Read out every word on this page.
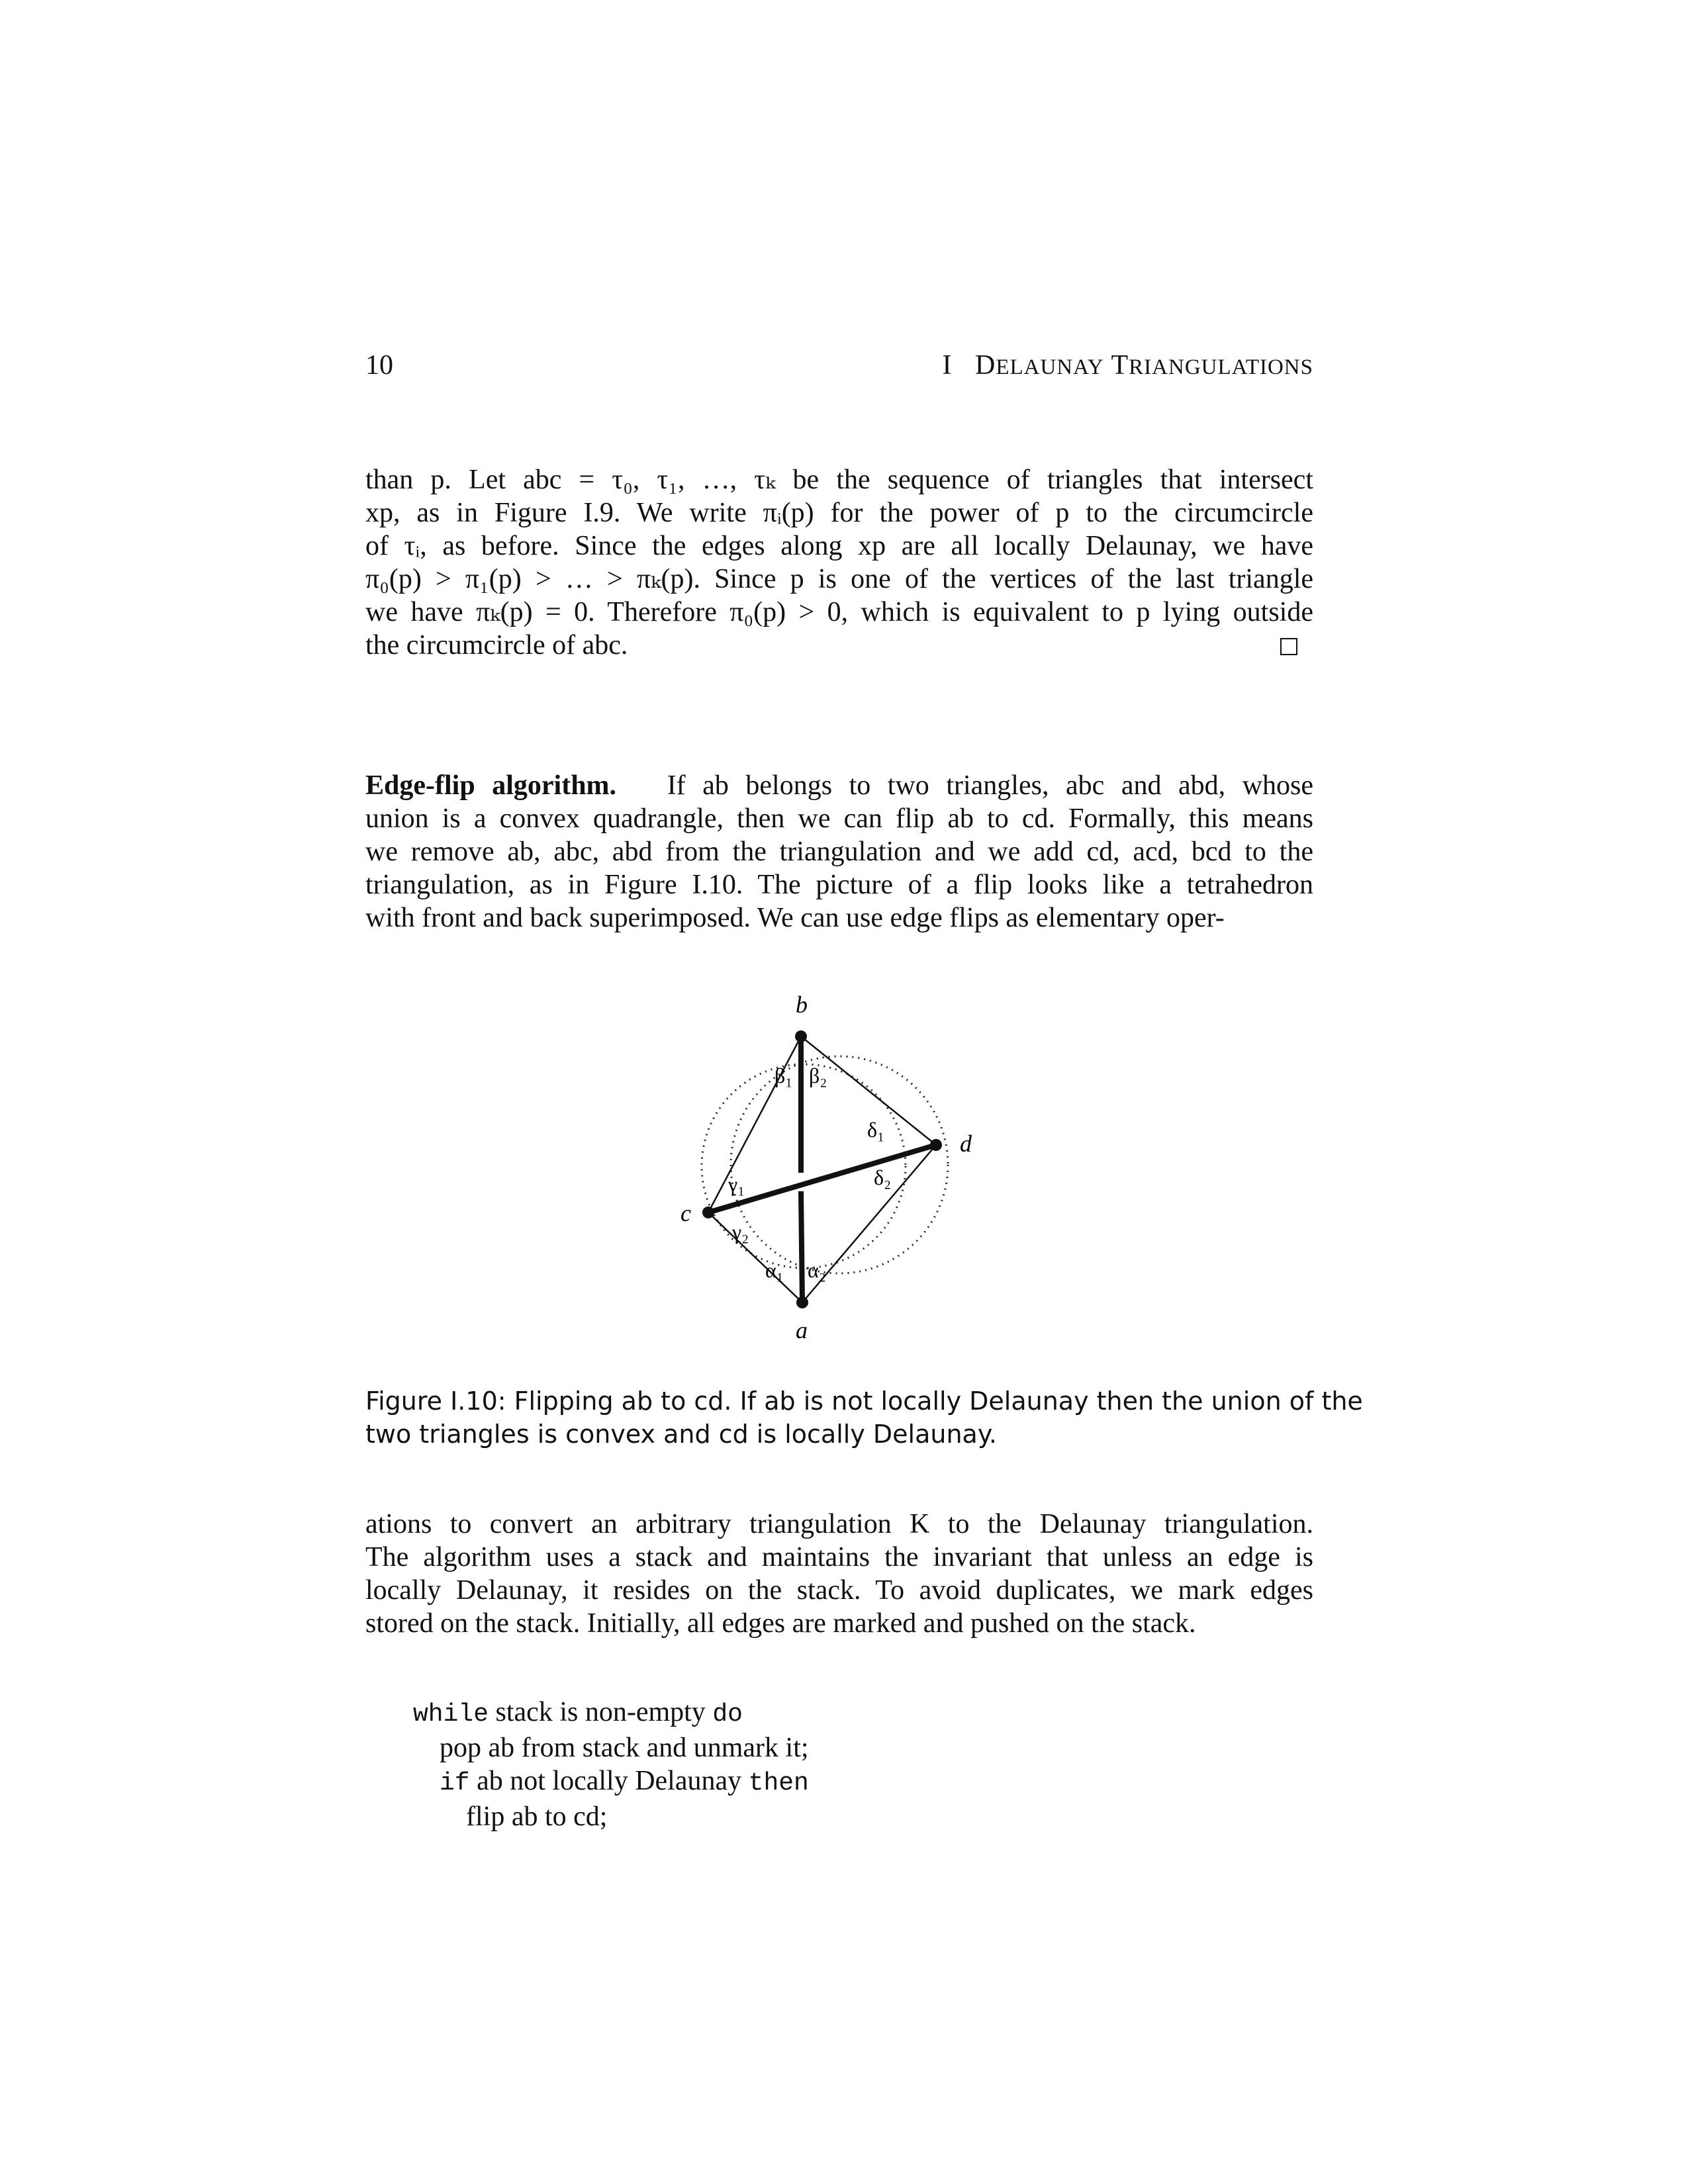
10	I DELAUNAY TRIANGULATIONS
than p. Let abc = τ₀, τ₁, …, τₖ be the sequence of triangles that intersect
xp, as in Figure I.9. We write πᵢ(p) for the power of p to the circumcircle
of τᵢ, as before. Since the edges along xp are all locally Delaunay, we have
π₀(p) > π₁(p) > … > πₖ(p). Since p is one of the vertices of the last triangle
we have πₖ(p) = 0. Therefore π₀(p) > 0, which is equivalent to p lying outside
the circumcircle of abc.
Edge-flip algorithm. If ab belongs to two triangles, abc and abd, whose
union is a convex quadrangle, then we can flip ab to cd. Formally, this means
we remove ab, abc, abd from the triangulation and we add cd, acd, bcd to the
triangulation, as in Figure I.10. The picture of a flip looks like a tetrahedron
with front and back superimposed. We can use edge flips as elementary oper-
b
c
d
a
β₁ β₂
δ₁
δ₂
γ₁
γ₂
α₁ α₂
Figure I.10: Flipping ab to cd. If ab is not locally Delaunay then the union of the
two triangles is convex and cd is locally Delaunay.
ations to convert an arbitrary triangulation K to the Delaunay triangulation.
The algorithm uses a stack and maintains the invariant that unless an edge is
locally Delaunay, it resides on the stack. To avoid duplicates, we mark edges
stored on the stack. Initially, all edges are marked and pushed on the stack.
while stack is non-empty do
pop ab from stack and unmark it;
if ab not locally Delaunay then
flip ab to cd;
